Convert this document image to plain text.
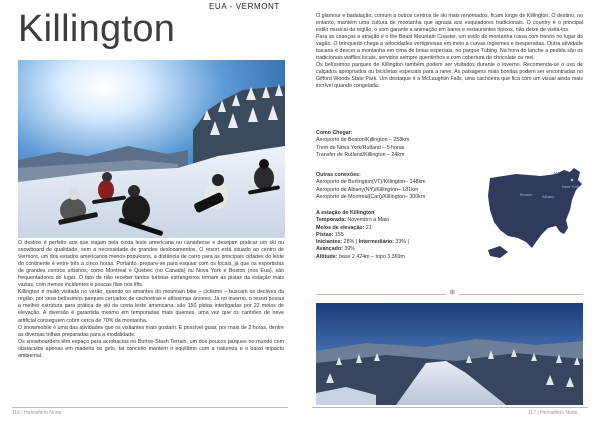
EUA - VERMONT
Killington

O destino é perfeito aos que viajam pela costa leste americana ou canadense e desejam praticar um ski ou snowboard de qualidade, sem a necessidade de grandes deslocamentos. O resort está situado ao centro de Vermont, um dos estados americanos menos populosos, a distância de carro para as principais cidades do leste do continente é entre três a cinco horas. Portanto, prepare-se para esquiar com os locais, já que os esportistas de grandes centros urbanos, como Montreal e Quebec (no Canadá) ou Nova York e Boston (nos Eua), são frequentadores do lugar. O fato de não receber tantos turistas estrangeiros tornam as pistas da estação mais vazias, com menos incidentes e poucas filas nos lifts.

Killington é muito visitada no verão, quando os amantes do mountain bike – ciclismo – buscam os declives da região, por seus belíssimos parques cercados de cachoeiras e altíssimas árvores. Já no inverno, o resort possui a melhor estrutura para prática de ski da costa leste americana, são 150 pistas interligadas por 22 meios de elevação. A diversão é garantida mesmo em temporadas mais quentes, uma vez que os canhões de neve artificial conseguem cobrir cerca de 70% da montanha.

O snowmobile é uma das atividades que os visitantes mais gostam. É possível guiar, por mais de 2 horas, dentre as diversas trilhas preparadas para a modalidade.

Os snowboarders têm espaço para acrobacias no Burton Stash Terrain, um dos poucos parques no mundo com obstáculos apenas em madeira ou gelo, tal conceito mantém o equilíbrio com a natureza e o baixo impacto ambiental.

116 | Hemisfério Norte

O glamour e badalação, comum a outros centros de ski mais renomados, ficam longe de Killington. O destino, no entanto, mantém uma cultura de montanha que agrada aos esquiadores tradicionais. O country é o principal estilo musical da região, o som garante a animação em bares e restaurantes típicos, não deixe de visitá-los.

Para as crianças a atração é o the Beast Mountain Coaster, um estilo de montanha russa com trenós no lugar do vagão. O brinquedo chega a velocidades vertiginosas em meio a curvas íngremes e inesperadas. Outra atividade bacana é descer a montanha em cima de boias especiais, no parque Tubing. Na hora do lanche a pedida são os tradicionais waffles locais, servidos sempre quentinhos e com cobertura de chocolate ou mel.

Os belíssimos parques de Killington também podem ser visitados durante o inverno. Recomenda-se o uso de calçados apropriados ou bicicletas especiais para a neve. As paisagens mais bonitas podem ser encontradas no Gifford Woods State Park. Um destaque é a McLaughlin Falls, uma cachoeira que fica com um visual ainda mais incrível quando congelada.

Como Chegar:
Aeroporto de Boston/Killington – 258km
Trem de Nova York/Rutland – 5 horas
Transfer de Rutland/Killington – 24km
Outras conexões:
Aeroporto de Burlington(VT)/Killington– 148km
Aeroporto de Albany(NY)/Killington– 181km
Aeroporto de Montreal(Can)/Killington– 300km
A estação de Killington
Temporada: Novembro a Maio
Meios de elevação: 21
Pistas: 155
Iniciantes: 28% | Intermediário: 33% |
Avançado: 39%
Altitude: base 2.424m – topo 3.369m
Killington
New York
Boston Albany
❄
117 | Hemisfério Norte
